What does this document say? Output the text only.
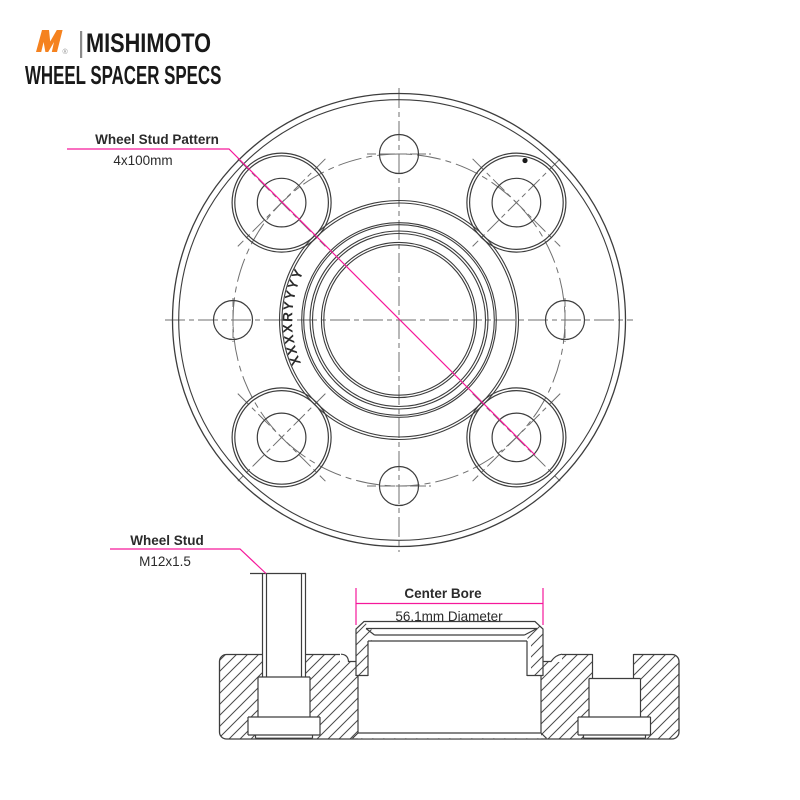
® MISHIMOTO
WHEEL SPACER SPECS
XXXXRYYYY
Wheel Stud Pattern
4x100mm
Wheel Stud
M12x1.5
Center Bore
56.1mm Diameter
